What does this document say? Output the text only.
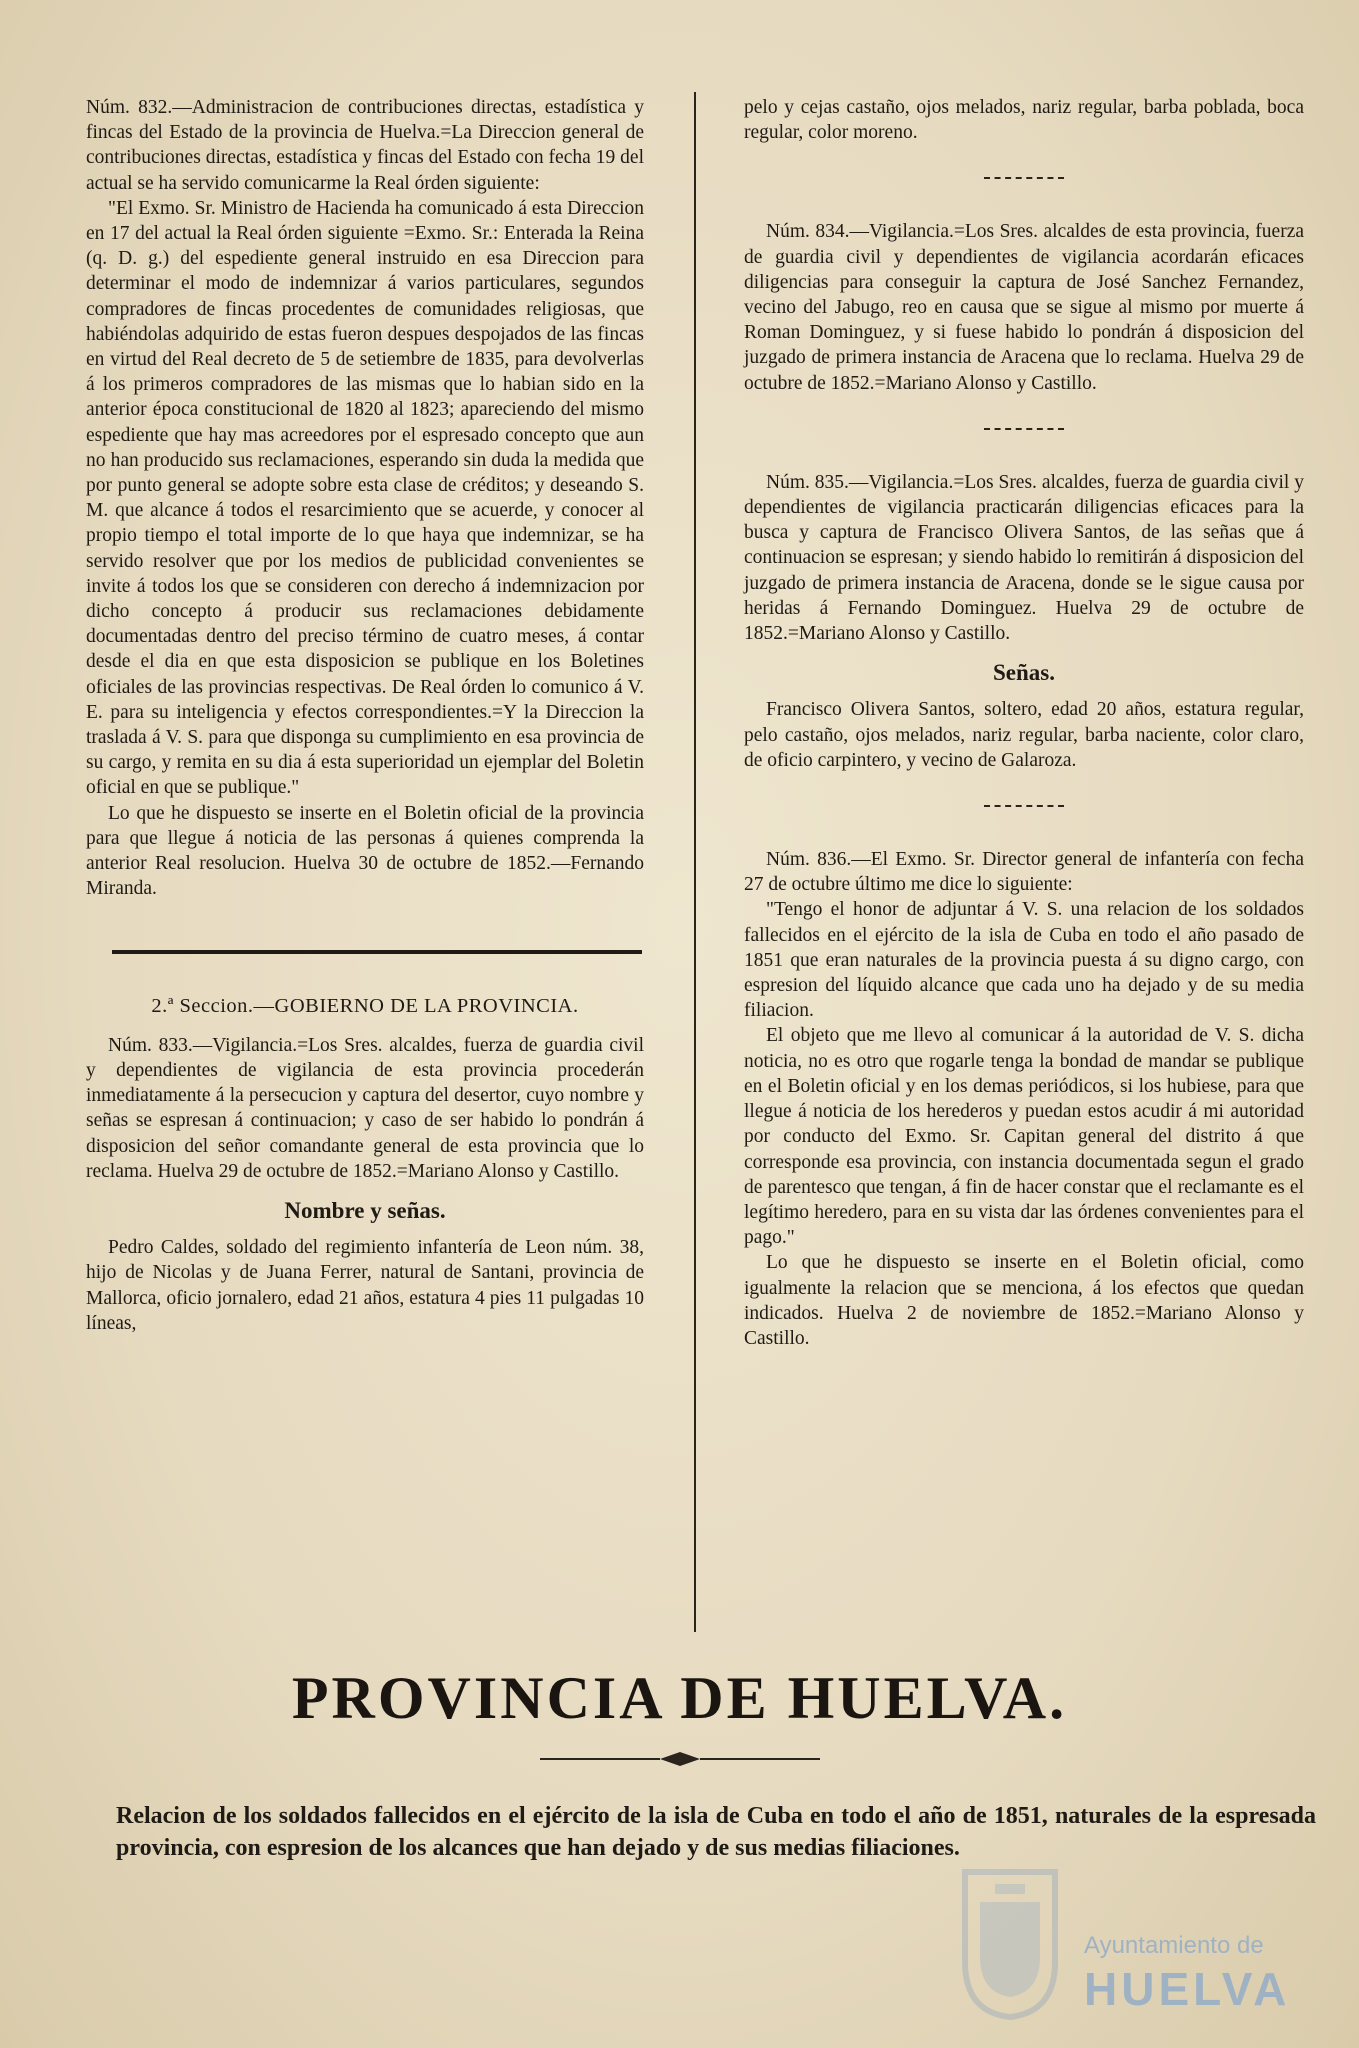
Núm. 832.—Administracion de contribuciones directas, estadística y fincas del Estado de la provincia de Huelva.=La Direccion general de contribuciones directas, estadística y fincas del Estado con fecha 19 del actual se ha servido comunicarme la Real órden siguiente:

"El Exmo. Sr. Ministro de Hacienda ha comunicado á esta Direccion en 17 del actual la Real órden siguiente =Exmo. Sr.: Enterada la Reina (q. D. g.) del espediente general instruido en esa Direccion para determinar el modo de indemnizar á varios particulares, segundos compradores de fincas procedentes de comunidades religiosas, que habiéndolas adquirido de estas fueron despues despojados de las fincas en virtud del Real decreto de 5 de setiembre de 1835, para devolverlas á los primeros compradores de las mismas que lo habian sido en la anterior época constitucional de 1820 al 1823; apareciendo del mismo espediente que hay mas acreedores por el espresado concepto que aun no han producido sus reclamaciones, esperando sin duda la medida que por punto general se adopte sobre esta clase de créditos; y deseando S. M. que alcance á todos el resarcimiento que se acuerde, y conocer al propio tiempo el total importe de lo que haya que indemnizar, se ha servido resolver que por los medios de publicidad convenientes se invite á todos los que se consideren con derecho á indemnizacion por dicho concepto á producir sus reclamaciones debidamente documentadas dentro del preciso término de cuatro meses, á contar desde el dia en que esta disposicion se publique en los Boletines oficiales de las provincias respectivas. De Real órden lo comunico á V. E. para su inteligencia y efectos correspondientes.=Y la Direccion la traslada á V. S. para que disponga su cumplimiento en esa provincia de su cargo, y remita en su dia á esta superioridad un ejemplar del Boletin oficial en que se publique."

Lo que he dispuesto se inserte en el Boletin oficial de la provincia para que llegue á noticia de las personas á quienes comprenda la anterior Real resolucion. Huelva 30 de octubre de 1852.—Fernando Miranda.

2.ª Seccion.—GOBIERNO DE LA PROVINCIA.

Núm. 833.—Vigilancia.=Los Sres. alcaldes, fuerza de guardia civil y dependientes de vigilancia de esta provincia procederán inmediatamente á la persecucion y captura del desertor, cuyo nombre y señas se espresan á continuacion; y caso de ser habido lo pondrán á disposicion del señor comandante general de esta provincia que lo reclama. Huelva 29 de octubre de 1852.=Mariano Alonso y Castillo.

Nombre y señas.

Pedro Caldes, soldado del regimiento infantería de Leon núm. 38, hijo de Nicolas y de Juana Ferrer, natural de Santani, provincia de Mallorca, oficio jornalero, edad 21 años, estatura 4 pies 11 pulgadas 10 líneas,

pelo y cejas castaño, ojos melados, nariz regular, barba poblada, boca regular, color moreno.

Núm. 834.—Vigilancia.=Los Sres. alcaldes de esta provincia, fuerza de guardia civil y dependientes de vigilancia acordarán eficaces diligencias para conseguir la captura de José Sanchez Fernandez, vecino del Jabugo, reo en causa que se sigue al mismo por muerte á Roman Dominguez, y si fuese habido lo pondrán á disposicion del juzgado de primera instancia de Aracena que lo reclama. Huelva 29 de octubre de 1852.=Mariano Alonso y Castillo.

Núm. 835.—Vigilancia.=Los Sres. alcaldes, fuerza de guardia civil y dependientes de vigilancia practicarán diligencias eficaces para la busca y captura de Francisco Olivera Santos, de las señas que á continuacion se espresan; y siendo habido lo remitirán á disposicion del juzgado de primera instancia de Aracena, donde se le sigue causa por heridas á Fernando Dominguez. Huelva 29 de octubre de 1852.=Mariano Alonso y Castillo.

Señas.

Francisco Olivera Santos, soltero, edad 20 años, estatura regular, pelo castaño, ojos melados, nariz regular, barba naciente, color claro, de oficio carpintero, y vecino de Galaroza.

Núm. 836.—El Exmo. Sr. Director general de infantería con fecha 27 de octubre último me dice lo siguiente:

"Tengo el honor de adjuntar á V. S. una relacion de los soldados fallecidos en el ejército de la isla de Cuba en todo el año pasado de 1851 que eran naturales de la provincia puesta á su digno cargo, con espresion del líquido alcance que cada uno ha dejado y de su media filiacion.

El objeto que me llevo al comunicar á la autoridad de V. S. dicha noticia, no es otro que rogarle tenga la bondad de mandar se publique en el Boletin oficial y en los demas periódicos, si los hubiese, para que llegue á noticia de los herederos y puedan estos acudir á mi autoridad por conducto del Exmo. Sr. Capitan general del distrito á que corresponde esa provincia, con instancia documentada segun el grado de parentesco que tengan, á fin de hacer constar que el reclamante es el legítimo heredero, para en su vista dar las órdenes convenientes para el pago."

Lo que he dispuesto se inserte en el Boletin oficial, como igualmente la relacion que se menciona, á los efectos que quedan indicados. Huelva 2 de noviembre de 1852.=Mariano Alonso y Castillo.

PROVINCIA DE HUELVA.
Relacion de los soldados fallecidos en el ejército de la isla de Cuba en todo el año de 1851, naturales de la espresada provincia, con espresion de los alcances que han dejado y de sus medias filiaciones.
Ayuntamiento de
HUELVA
